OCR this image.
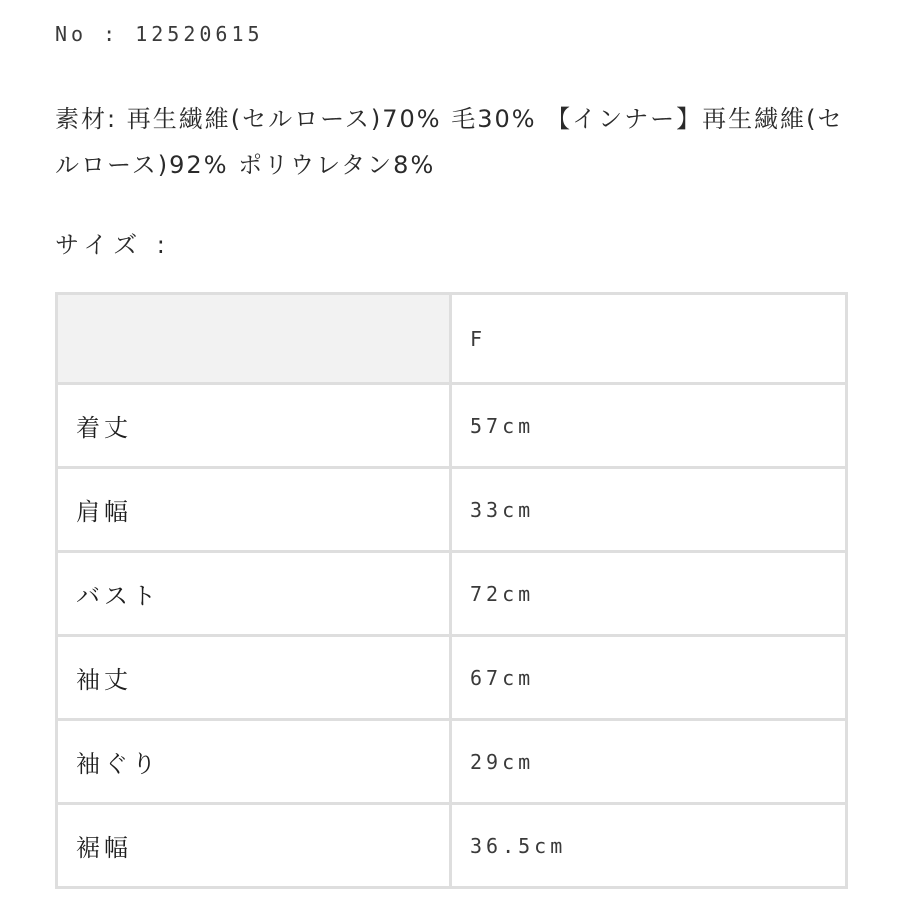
No : 12520615
素材: 再生繊維(セルロース)70% 毛30% 【インナー】再生繊維(セルロース)92% ポリウレタン8%
サイズ :
	F
着丈	57cm
肩幅	33cm
バスト	72cm
袖丈	67cm
袖ぐり	29cm
裾幅	36.5cm
